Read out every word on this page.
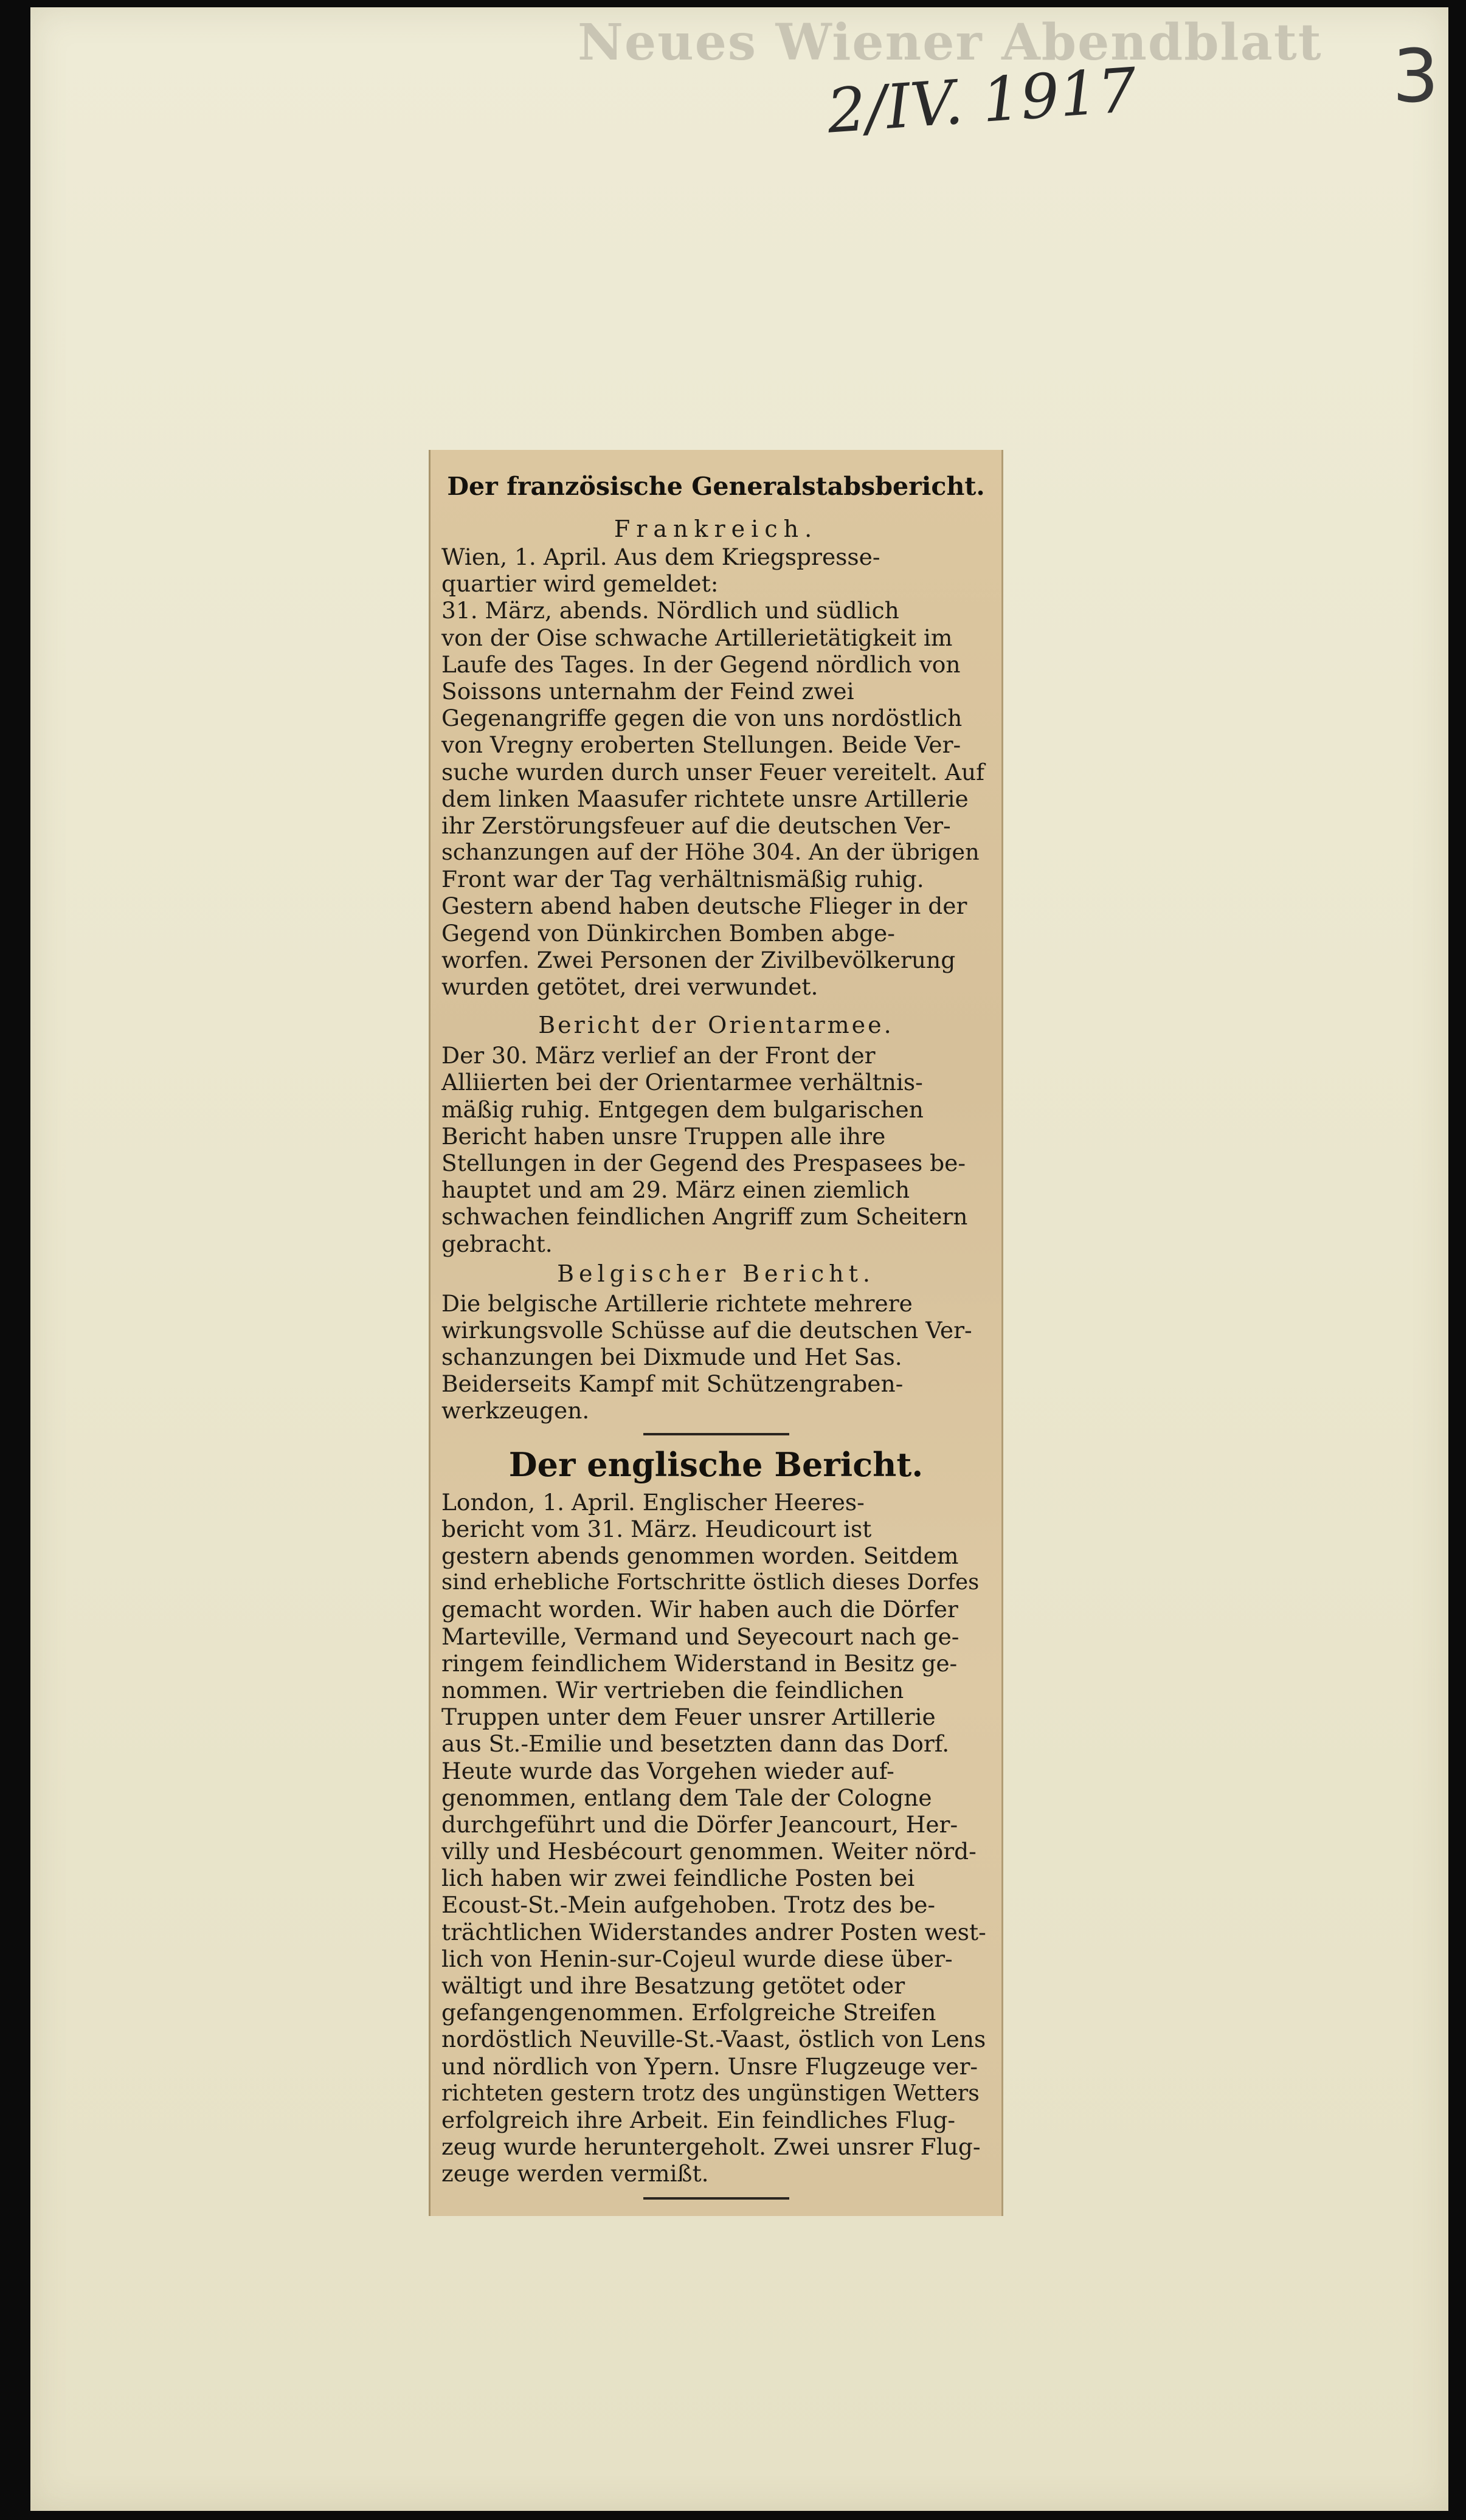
Neues Wiener Abendblatt
2/IV. 1917	3
Der französische Generalstabsbericht.
Frankreich.
Wien, 1. April. Aus dem Kriegspresse-
quartier wird gemeldet:
31. März, abends. Nördlich und südlich
von der Oise schwache Artillerietätigkeit im
Laufe des Tages. In der Gegend nördlich von
Soissons unternahm der Feind zwei
Gegenangriffe gegen die von uns nordöstlich
von Vregny eroberten Stellungen. Beide Ver-
suche wurden durch unser Feuer vereitelt. Auf
dem linken Maasufer richtete unsre Artillerie
ihr Zerstörungsfeuer auf die deutschen Ver-
schanzungen auf der Höhe 304. An der übrigen
Front war der Tag verhältnismäßig ruhig.
Gestern abend haben deutsche Flieger in der
Gegend von Dünkirchen Bomben abge-
worfen. Zwei Personen der Zivilbevölkerung
wurden getötet, drei verwundet.
Bericht der Orientarmee.
Der 30. März verlief an der Front der
Alliierten bei der Orientarmee verhältnis-
mäßig ruhig. Entgegen dem bulgarischen
Bericht haben unsre Truppen alle ihre
Stellungen in der Gegend des Prespasees be-
hauptet und am 29. März einen ziemlich
schwachen feindlichen Angriff zum Scheitern
gebracht.
Belgischer Bericht.
Die belgische Artillerie richtete mehrere
wirkungsvolle Schüsse auf die deutschen Ver-
schanzungen bei Dixmude und Het Sas.
Beiderseits Kampf mit Schützengraben-
werkzeugen.
Der englische Bericht.
London, 1. April. Englischer Heeres-
bericht vom 31. März. Heudicourt ist
gestern abends genommen worden. Seitdem
sind erhebliche Fortschritte östlich dieses Dorfes
gemacht worden. Wir haben auch die Dörfer
Marteville, Vermand und Seyecourt nach ge-
ringem feindlichem Widerstand in Besitz ge-
nommen. Wir vertrieben die feindlichen
Truppen unter dem Feuer unsrer Artillerie
aus St.-Emilie und besetzten dann das Dorf.
Heute wurde das Vorgehen wieder auf-
genommen, entlang dem Tale der Cologne
durchgeführt und die Dörfer Jeancourt, Her-
villy und Hesbécourt genommen. Weiter nörd-
lich haben wir zwei feindliche Posten bei
Ecoust-St.-Mein aufgehoben. Trotz des be-
trächtlichen Widerstandes andrer Posten west-
lich von Henin-sur-Cojeul wurde diese über-
wältigt und ihre Besatzung getötet oder
gefangengenommen. Erfolgreiche Streifen
nordöstlich Neuville-St.-Vaast, östlich von Lens
und nördlich von Ypern. Unsre Flugzeuge ver-
richteten gestern trotz des ungünstigen Wetters
erfolgreich ihre Arbeit. Ein feindliches Flug-
zeug wurde heruntergeholt. Zwei unsrer Flug-
zeuge werden vermißt.
